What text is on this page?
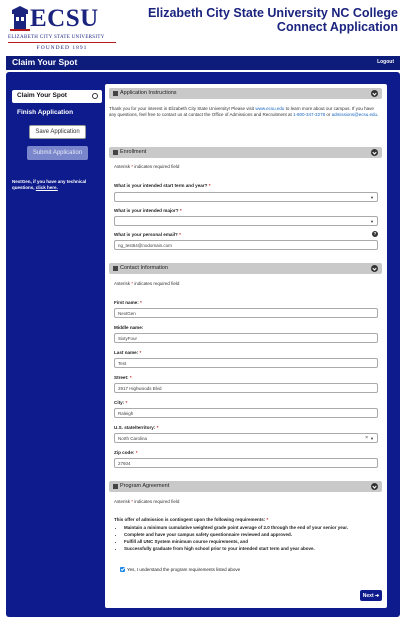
ECSU
ELIZABETH CITY STATE UNIVERSITY
FOUNDED 1891
Elizabeth City State University NC College Connect Application
Claim Your Spot	Logout
Claim Your Spot
Finish Application
Save Application
Submit Application
NextGen, if you have any technical questions, click here.
Application Instructions
Thank you for your interest in Elizabeth City State University! Please visit www.ecsu.edu to learn more about our campus. If you have any questions, feel free to contact us at contact the Office of Admissions and Recruitment at 1-800-347-3278 or admissions@ecsu.edu.
Enrollment
Asterisk * indicates required field
What is your intended start term and year? *
▼
What is your intended major? *
▼
What is your personal email? *	?
ng_test64@nodomain.com
Contact Information
Asterisk * indicates required field
First name: *
NextGen
Middle name:
SixtyFour
Last name: *
Test
Street: *
2917 Highwoods Blvd
City: *
Raleigh
U.S. state/territory: *
North Carolina	× ▼
Zip code: *
27604
Program Agreement
Asterisk * indicates required field
This offer of admission is contingent upon the following requirements: *
• Maintain a minimum cumulative weighted grade point average of 2.0 through the end of your senior year.
• Complete and have your campus safety questionnaire reviewed and approved.
• Fulfill all UNC System minimum course requirements, and
• Successfully graduate from high school prior to your intended start term and year above.
Yes, I understand the program requirements listed above
Next
➔
